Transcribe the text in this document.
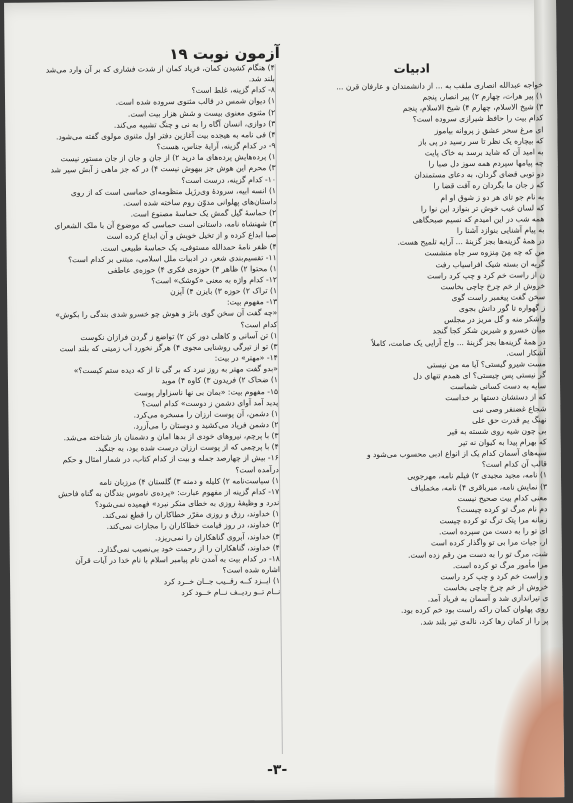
آزمون نوبت ۱۹
ادبیات
خواجه عبدالله انصاری ملقب به ... از دانشمندان و عارفان قرن ...
۱) پیر هرات، چهارم ۲) پیر انصار، پنجم
۳) شیخ الاسلام، چهارم ۴) شیخ الاسلام، پنجم
کدام بیت را حافظ شیرازی سروده است؟
ای مرغ سحر عشق ز پروانه بیاموز
که بیچاره یک نظر تا سر رسید در پی باز
به امید آن که شاید برسد به خاک پایت
چه پیامها سپردم همه سوز دل صبا را
دو توبی قضای گردان، به دعای مستمندان
که ز جان ما بگردان ره آفت قضا را
به نام جو تای هر دو ز شوق او ام
که لسان غیب خوش تر بنوازد این نوا را
همه شب در این امیدم که نسیم صبحگاهی
به پیام آشنایی بنوازد آشنا را
در همهٔ گزینه‌ها بجز گزینهٔ ... آرایه تلمیح هست.
من که چه مِنَ مِنزوه سر جاه منشست
گریه ان بسته شیک افراسیاب رفت
ن از راست خم کرد و چپ کرد راست
خروش از خم چرخ چاچی بخاست
سخن گفت پیغمبر راست گوی
ز گهواره تا گور دانش بجوی
واشکر منه و گل مریز در مجلس
میان خسرو و شیرین شکر کجا گنجد
در همهٔ گزینه‌ها بجز گزینهٔ ... واج آرایی یک صامت، کاملاً
آشکار است.
مست شیرو گیستی؟ آیا مه من نیستی
گر نیستی پس چیستی؟ ای همدم تنهای دل
سایه به دست کسانی شماست
که از دستشان دستها بر خداست
شجاع غضنفر وصی نبی
نهنگ یم قدرت حق علی
بی چون شیه روی شسته به قیر
که بهرام پیدا به کیوان نه تیر
سپه‌های آسمان کدام یک از انواع ادبی محسوب می‌شود و
قالب آن کدام است؟
۱) نامه، مجید مجیدی ۲) فیلم نامه، مهرجویی
۳) نمایش نامه، میرباقری ۴) نامه، مخملباف
معنی کدام بیت صحیح نیست
دم نام مرگ تو کرده چیست؟
زمانه مرا پتک ترگ تو کرده چیست
ای تو را به دست من سپرده است.
ار، جیات مرا بی تو واگذار کرده است
شت، مرگ تو را به دست من رقم زده است.
مرا مأمور مرگ تو کرده است.
و راست خم کرد و چپ کرد راست
خروش از خم چرخ چاچی بخاست
ی تیراندازی شد و آسمان به فریاد آمد.
روی پهلوان کمان راکه راست بود خم کرده بود.
پر را از کمان رها کرد، ناله‌ی تیر بلند شد.
۴) هنگام کشیدن کمان، فریاد کمان از شدت فشاری که بر آن وارد می‌شد
بلند شد.
۸- کدام گزینه، غلط است؟
۱) دیوان شمس در قالب مثنوی سروده شده است.
۲) مثنوی معنوی بیست و شش هزار بیت است.
۳) دوازی، انسان آگاه را به نی و چنگ تشبیه می‌کند.
۴) فی نامه به هیجده بیت آغازین دفتر اول مثنوی مولوی گفته می‌شود.
۹- در کدام گزینه، آرایهٔ جناس، هست؟
۱) پرده‌هایش پرده‌های ما درید ۲) از جان و جان از جان مستور نیست
۳) محرم این هوش جز بیهوش نیست ۴) در که جز ماهی ز آبش سیر شد
۱۰- کدام گزینه، درست است؟
۱) انسه ابیه، سرودهٔ وی‌رژیل منظومه‌ای حماسی است که از روی
داستان‌های پهلوانی مدوّن روم ساخته شده است.
۲) حماسهٔ گیل گمش یک حماسهٔ مصنوع است.
۳) شهنشاه نامه، داستانی است حماسی که موضوع آن با ملک الشعرای
صبا ابداع کرده و از تخیل خویش و آن ابداع کرده است
۴) ظفر نامهٔ حمدالله مستوفی، یک حماسهٔ طبیعی است.
۱۱- تقسیم‌بندی شعر، در ادبیات ملل اسلامی، مبتنی بر کدام است؟
۱) محتوا ۲) ظاهر ۳) حوزه‌ی فکری ۴) حوزه‌ی عاطفی
۱۲- کدام واژه به معنی «کوشک» است؟
۱) تراک ۲) حوزه ۳) بایزن ۴) آیزن
۱۳- مفهوم بیت:
«چه گفت آن سخن گوی بانژ و هوش چو خسرو شدی بندگی را بکوش»
کدام است؟
۱) تن آسانی و کاهلی دور کن ۲) تواضع ز گردن فرازان نکوست
۳) تو از تیرگی روشنایی مجوی ۴) هرگز نخورد آب زمینی که بلند است
۱۴- «مهتر» در بیت:
«بدو گفت مهتر به روز نبرد که بر گی تا از که دیده ستم کیست؟»
۱) ضحاک ۲) فریدون ۳) کاوه ۴) موبد
۱۵- مفهوم بیت: «بمان بی نها ناسزاوار پوست
پدید آمد آوای دشمن ز دوست» کدام است؟
۱) دشمن، آن پوست ارزان را مسخره می‌کرد.
۲) دشمن فریاد می‌کشید و دوستان را می‌آزرد.
۳) با پرچم، نیروهای خودی از بدها امان و دشمنان باز شناخته می‌شد.
۴) با پرچمی که از پوست ارزان درست شده بود، به جنگید.
۱۶- بیش از چهارصد جمله و بیت از کدام کتاب، در شمار امثال و حکم
درآمده است؟
۱) سیاست‌نامه ۲) کلیله و دمنه ۳) گلستان ۴) مرزبان نامه
۱۷- کدام گزینه از مفهوم عبارت: «پرده‌ی ناموس بندگان به گناه فاحش
ندرد و وظیفهٔ روزی به خطای منکر نبرد» فهمیده نمی‌شود؟
۱) خداوند، رزق و روزی مقرّر خطاکاران را قطع نمی‌کند.
۲) خداوند، در روز قیامت خطاکاران را مجازات نمی‌کند.
۳) خداوند، آبروی گناهکاران را نمی‌ریزد.
۴) خداوند، گناهکاران را از رحمت خود بی‌نصیب نمی‌گذارد.
۱۸- در کدام بیت به آمدن نام پیامبر اسلام با نام خدا در آیات قرآن
اشاره شده است؟
۱) ایــزد کــه رقــیب جــان خــرد کرد
نــام تــو ردیــف نــام خــود کرد
-۳-
